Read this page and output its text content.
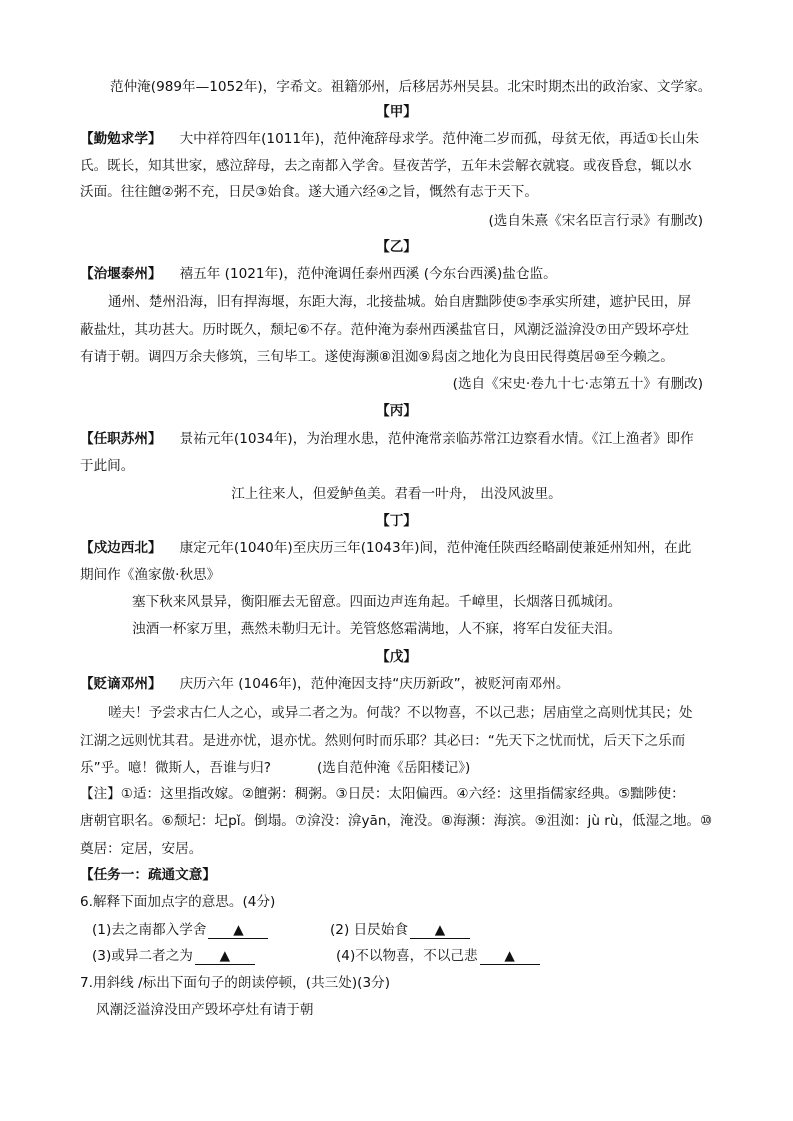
范仲淹(989年—1052年)，字希文。祖籍邠州，后移居苏州吴县。北宋时期杰出的政治家、文学家。
【甲】
【勤勉求学】 大中祥符四年(1011年)，范仲淹辞母求学。范仲淹二岁而孤，母贫无依，再适①长山朱
氏。既长，知其世家，感泣辞母，去之南都入学舍。昼夜苦学，五年未尝解衣就寝。或夜昏怠，辄以水
沃面。往往饘②粥不充，日昃③始食。遂大通六经④之旨，慨然有志于天下。
(选自朱熹《宋名臣言行录》有删改)
【乙】
【治堰泰州】 禧五年 (1021年)，范仲淹调任泰州西溪 (今东台西溪)盐仓监。
通州、楚州沿海，旧有捍海堰，东距大海，北接盐城。始自唐黜陟使⑤李承实所建，遮护民田，屏
蔽盐灶，其功甚大。历时既久，颓圮⑥不存。范仲淹为泰州西溪盐官日，风潮泛溢渰没⑦田产毁坏亭灶
有请于朝。调四万余夫修筑，三旬毕工。遂使海濒⑧沮洳⑨舄卤之地化为良田民得奠居⑩至今赖之。
(选自《宋史·卷九十七·志第五十》有删改)
【丙】
【任职苏州】 景祐元年(1034年)，为治理水患，范仲淹常亲临苏常江边察看水情。《江上渔者》即作
于此间。
江上往来人，但爱鲈鱼美。君看一叶舟， 出没风波里。
【丁】
【戍边西北】 康定元年(1040年)至庆历三年(1043年)间，范仲淹任陕西经略副使兼延州知州，在此
期间作《渔家傲·秋思》
塞下秋来风景异，衡阳雁去无留意。四面边声连角起。千嶂里，长烟落日孤城闭。
浊酒一杯家万里，燕然未勒归无计。羌管悠悠霜满地，人不寐，将军白发征夫泪。
【戊】
【贬谪邓州】 庆历六年 (1046年)，范仲淹因支持“庆历新政”，被贬河南邓州。
嗟夫！予尝求古仁人之心，或异二者之为。何哉？不以物喜，不以己悲；居庙堂之高则忧其民；处
江湖之远则忧其君。是进亦忧，退亦忧。然则何时而乐耶？其必曰：“先天下之忧而忧，后天下之乐而
乐”乎。噫！微斯人，吾谁与归?	(选自范仲淹《岳阳楼记》)
【注】①适：这里指改嫁。②饘粥：稠粥。③日昃：太阳偏西。④六经：这里指儒家经典。⑤黜陟使：
唐朝官职名。⑥颓圮：圮pǐ。倒塌。⑦渰没：渰yān，淹没。⑧海濒：海滨。⑨沮洳：jù rù，低湿之地。⑩
奠居：定居，安居。
【任务一：疏通文意】
6.解释下面加点字的意思。(4分)
(1)去之南都入学舍 ▲	(2) 日昃始食 ▲
(3)或异二者之为 ▲	(4)不以物喜，不以己悲 ▲
7.用斜线 /标出下面句子的朗读停顿，(共三处)(3分)
风潮泛溢渰没田产毁坏亭灶有请于朝
